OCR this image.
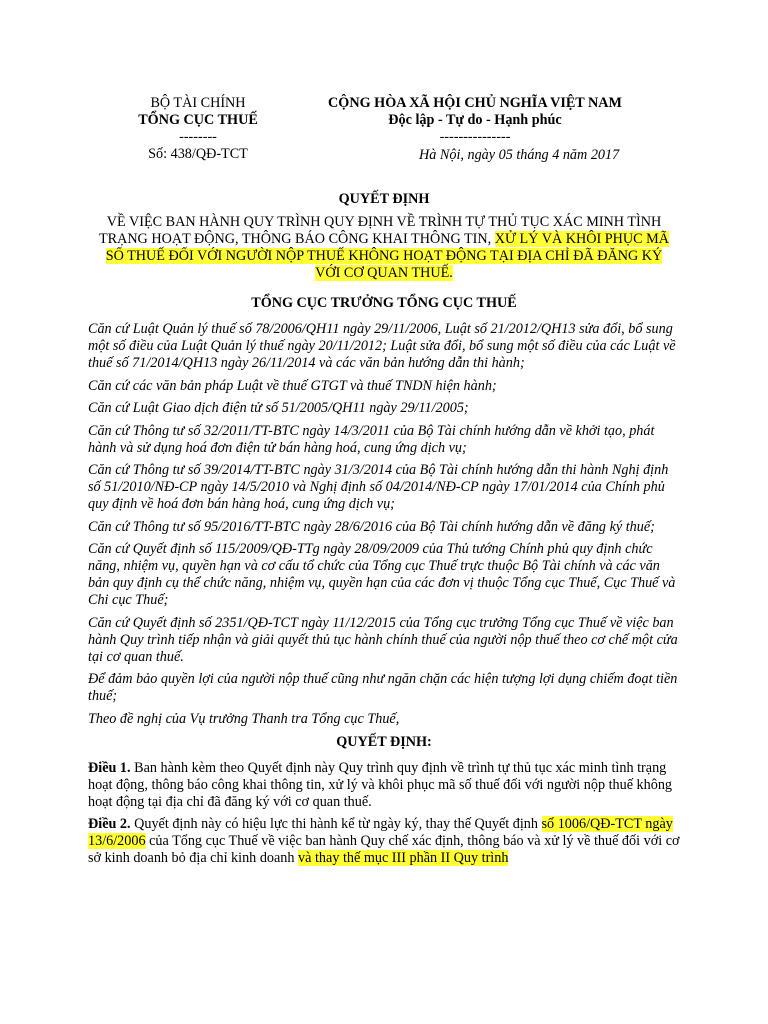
BỘ TÀI CHÍNH
TỔNG CỤC THUẾ
--------
Số: 438/QĐ-TCT
CỘNG HÒA XÃ HỘI CHỦ NGHĨA VIỆT NAM
Độc lập - Tự do - Hạnh phúc
---------------
Hà Nội, ngày 05 tháng 4 năm 2017
QUYẾT ĐỊNH

VỀ VIỆC BAN HÀNH QUY TRÌNH QUY ĐỊNH VỀ TRÌNH TỰ THỦ TỤC XÁC MINH TÌNH TRẠNG HOẠT ĐỘNG, THÔNG BÁO CÔNG KHAI THÔNG TIN, XỬ LÝ VÀ KHÔI PHỤC MÃ SỐ THUẾ ĐỐI VỚI NGƯỜI NỘP THUẾ KHÔNG HOẠT ĐỘNG TẠI ĐỊA CHỈ ĐÃ ĐĂNG KÝ VỚI CƠ QUAN THUẾ.

TỔNG CỤC TRƯỞNG TỔNG CỤC THUẾ

Căn cứ Luật Quản lý thuế số 78/2006/QH11 ngày 29/11/2006, Luật số 21/2012/QH13 sửa đổi, bổ sung một số điều của Luật Quản lý thuế ngày 20/11/2012; Luật sửa đổi, bổ sung một số điều của các Luật về thuế số 71/2014/QH13 ngày 26/11/2014 và các văn bản hướng dẫn thi hành;

Căn cứ các văn bản pháp Luật về thuế GTGT và thuế TNDN hiện hành;

Căn cứ Luật Giao dịch điện tử số 51/2005/QH11 ngày 29/11/2005;

Căn cứ Thông tư số 32/2011/TT-BTC ngày 14/3/2011 của Bộ Tài chính hướng dẫn về khởi tạo, phát hành và sử dụng hoá đơn điện tử bán hàng hoá, cung ứng dịch vụ;

Căn cứ Thông tư số 39/2014/TT-BTC ngày 31/3/2014 của Bộ Tài chính hướng dẫn thi hành Nghị định số 51/2010/NĐ-CP ngày 14/5/2010 và Nghị định số 04/2014/NĐ-CP ngày 17/01/2014 của Chính phủ quy định về hoá đơn bán hàng hoá, cung ứng dịch vụ;

Căn cứ Thông tư số 95/2016/TT-BTC ngày 28/6/2016 của Bộ Tài chính hướng dẫn về đăng ký thuế;

Căn cứ Quyết định số 115/2009/QĐ-TTg ngày 28/09/2009 của Thủ tướng Chính phủ quy định chức năng, nhiệm vụ, quyền hạn và cơ cấu tổ chức của Tổng cục Thuế trực thuộc Bộ Tài chính và các văn bản quy định cụ thể chức năng, nhiệm vụ, quyền hạn của các đơn vị thuộc Tổng cục Thuế, Cục Thuế và Chi cục Thuế;

Căn cứ Quyết định số 2351/QĐ-TCT ngày 11/12/2015 của Tổng cục trưởng Tổng cục Thuế về việc ban hành Quy trình tiếp nhận và giải quyết thủ tục hành chính thuế của người nộp thuế theo cơ chế một cửa tại cơ quan thuế.

Để đảm bảo quyền lợi của người nộp thuế cũng như ngăn chặn các hiện tượng lợi dụng chiếm đoạt tiền thuế;

Theo đề nghị của Vụ trưởng Thanh tra Tổng cục Thuế,

QUYẾT ĐỊNH:

Điều 1. Ban hành kèm theo Quyết định này Quy trình quy định về trình tự thủ tục xác minh tình trạng hoạt động, thông báo công khai thông tin, xử lý và khôi phục mã số thuế đối với người nộp thuế không hoạt động tại địa chỉ đã đăng ký với cơ quan thuế.

Điều 2. Quyết định này có hiệu lực thi hành kể từ ngày ký, thay thế Quyết định số 1006/QĐ-TCT ngày 13/6/2006 của Tổng cục Thuế về việc ban hành Quy chế xác định, thông báo và xử lý về thuế đối với cơ sở kinh doanh bỏ địa chỉ kinh doanh và thay thế mục III phần II Quy trình
